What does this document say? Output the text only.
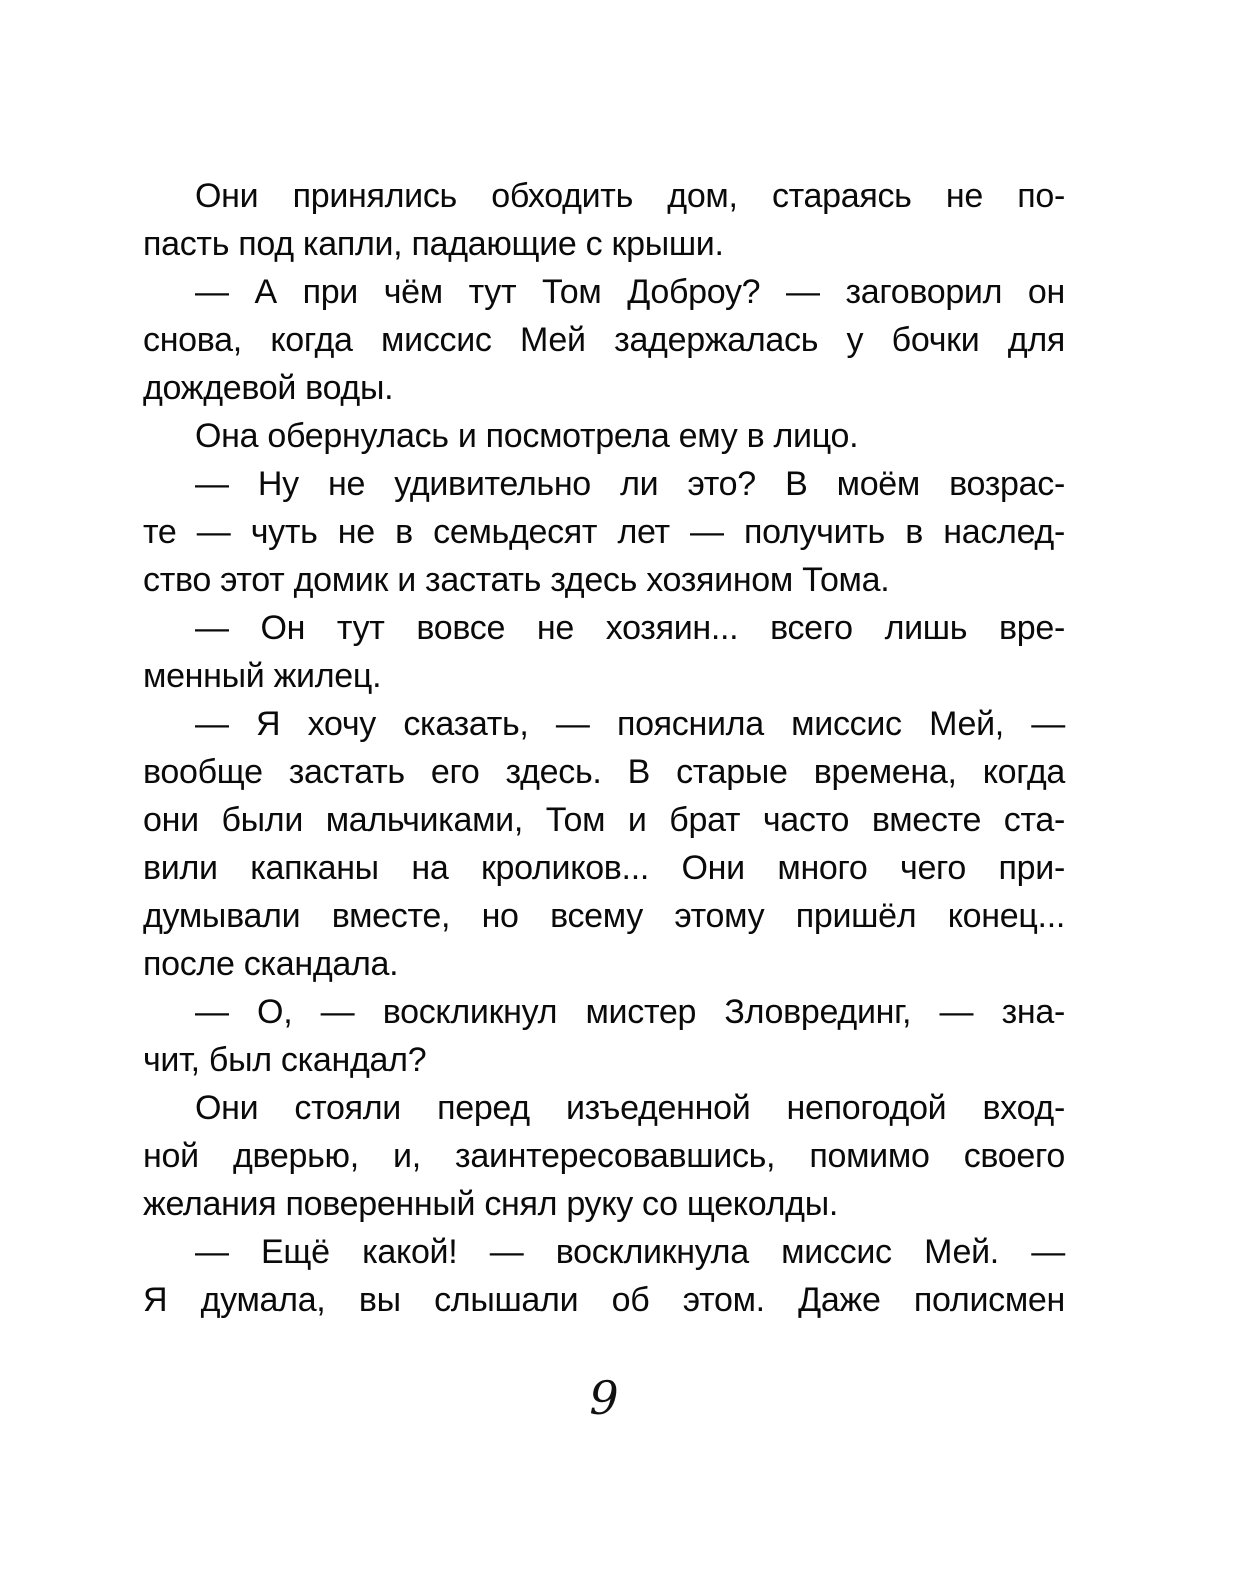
Они принялись обходить дом, стараясь не по-
пасть под капли, падающие с крыши.
— А при чём тут Том Доброу? — заговорил он
снова, когда миссис Мей задержалась у бочки для
дождевой воды.
Она обернулась и посмотрела ему в лицо.
— Ну не удивительно ли это? В моём возрас-
те — чуть не в семьдесят лет — получить в наслед-
ство этот домик и застать здесь хозяином Тома.
— Он тут вовсе не хозяин... всего лишь вре-
менный жилец.
— Я хочу сказать, — пояснила миссис Мей, —
вообще застать его здесь. В старые времена, когда
они были мальчиками, Том и брат часто вместе ста-
вили капканы на кроликов... Они много чего при-
думывали вместе, но всему этому пришёл конец...
после скандала.
— О, — воскликнул мистер Зловрединг, — зна-
чит, был скандал?
Они стояли перед изъеденной непогодой вход-
ной дверью, и, заинтересовавшись, помимо своего
желания поверенный снял руку со щеколды.
— Ещё какой! — воскликнула миссис Мей. —
Я думала, вы слышали об этом. Даже полисмен
9
